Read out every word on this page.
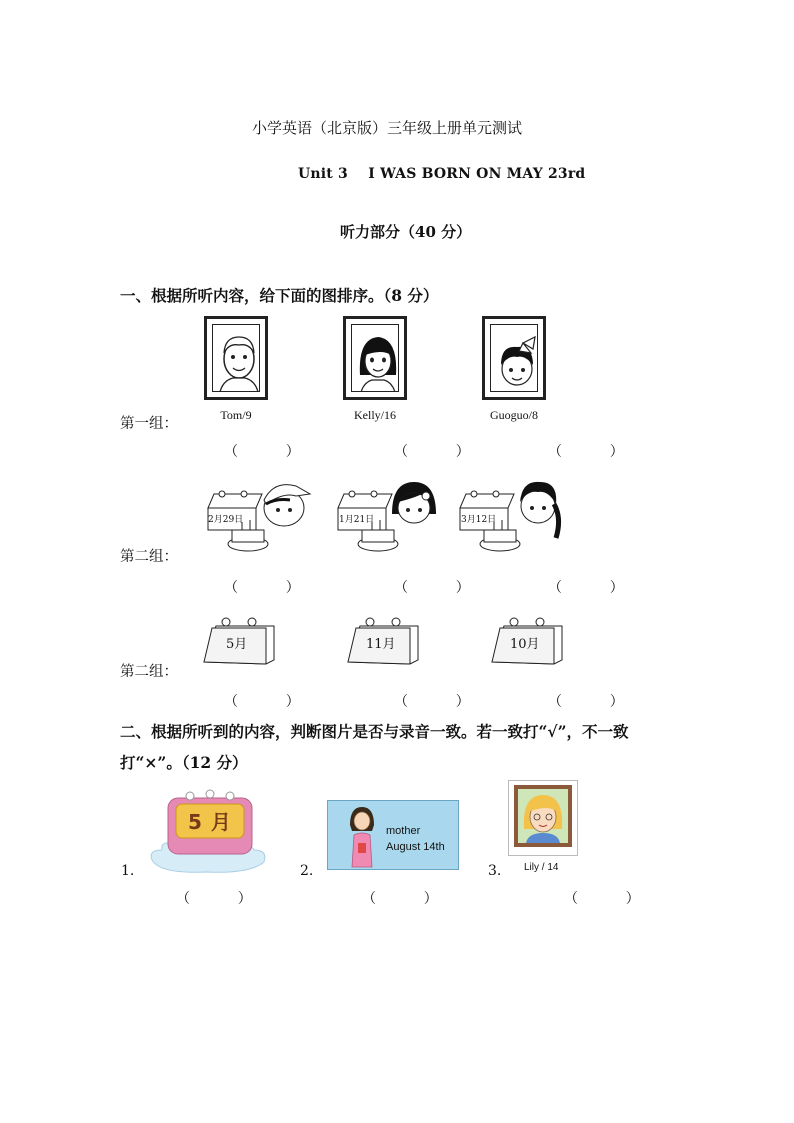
小学英语（北京版）三年级上册单元测试
Unit 3    I WAS BORN ON MAY 23rd
听力部分（40 分）
一、根据所听内容，给下面的图排序。（8 分）
第一组：
Tom/9	Kelly/16	Guoguo/8
（    ）	（    ）	（    ）
2月29日	1月21日	3月12日
第二组：
（    ）	（    ）	（    ）
5月	11月	10月
第二组：
（    ）	（    ）	（    ）
二、根据所听到的内容，判断图片是否与录音一致。若一致打“√”，不一致
打“×”。（12 分）
5 月
1.
（    ）
mother
August 14th
2.
（    ）
Lily / 14
3.
（    ）
